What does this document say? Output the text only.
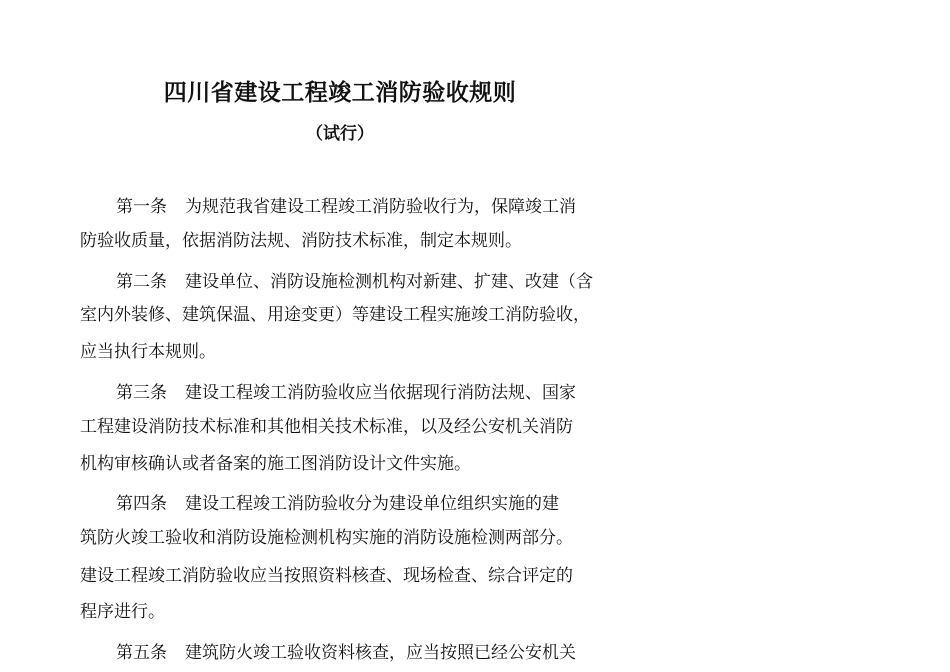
四川省建设工程竣工消防验收规则
（试行）
第一条 为规范我省建设工程竣工消防验收行为，保障竣工消
防验收质量，依据消防法规、消防技术标准，制定本规则。
第二条 建设单位、消防设施检测机构对新建、扩建、改建（含
室内外装修、建筑保温、用途变更）等建设工程实施竣工消防验收，
应当执行本规则。
第三条 建设工程竣工消防验收应当依据现行消防法规、国家
工程建设消防技术标准和其他相关技术标准，以及经公安机关消防
机构审核确认或者备案的施工图消防设计文件实施。
第四条 建设工程竣工消防验收分为建设单位组织实施的建
筑防火竣工验收和消防设施检测机构实施的消防设施检测两部分。
建设工程竣工消防验收应当按照资料核查、现场检查、综合评定的
程序进行。
第五条 建筑防火竣工验收资料核查，应当按照已经公安机关
